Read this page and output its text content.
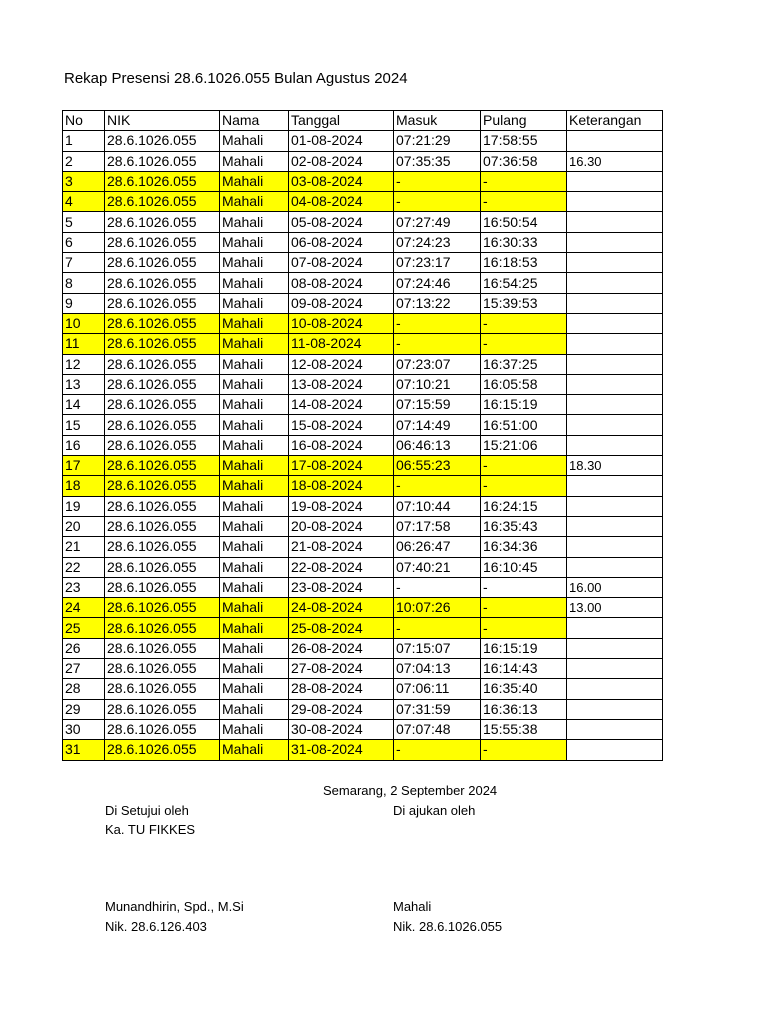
Rekap Presensi 28.6.1026.055 Bulan Agustus 2024
No	NIK	Nama	Tanggal	Masuk	Pulang	Keterangan
1	28.6.1026.055	Mahali	01-08-2024	07:21:29	17:58:55	
2	28.6.1026.055	Mahali	02-08-2024	07:35:35	07:36:58	16.30
3	28.6.1026.055	Mahali	03-08-2024	-	-	
4	28.6.1026.055	Mahali	04-08-2024	-	-	
5	28.6.1026.055	Mahali	05-08-2024	07:27:49	16:50:54	
6	28.6.1026.055	Mahali	06-08-2024	07:24:23	16:30:33	
7	28.6.1026.055	Mahali	07-08-2024	07:23:17	16:18:53	
8	28.6.1026.055	Mahali	08-08-2024	07:24:46	16:54:25	
9	28.6.1026.055	Mahali	09-08-2024	07:13:22	15:39:53	
10	28.6.1026.055	Mahali	10-08-2024	-	-	
11	28.6.1026.055	Mahali	11-08-2024	-	-	
12	28.6.1026.055	Mahali	12-08-2024	07:23:07	16:37:25	
13	28.6.1026.055	Mahali	13-08-2024	07:10:21	16:05:58	
14	28.6.1026.055	Mahali	14-08-2024	07:15:59	16:15:19	
15	28.6.1026.055	Mahali	15-08-2024	07:14:49	16:51:00	
16	28.6.1026.055	Mahali	16-08-2024	06:46:13	15:21:06	
17	28.6.1026.055	Mahali	17-08-2024	06:55:23	-	18.30
18	28.6.1026.055	Mahali	18-08-2024	-	-	
19	28.6.1026.055	Mahali	19-08-2024	07:10:44	16:24:15	
20	28.6.1026.055	Mahali	20-08-2024	07:17:58	16:35:43	
21	28.6.1026.055	Mahali	21-08-2024	06:26:47	16:34:36	
22	28.6.1026.055	Mahali	22-08-2024	07:40:21	16:10:45	
23	28.6.1026.055	Mahali	23-08-2024	-	-	16.00
24	28.6.1026.055	Mahali	24-08-2024	10:07:26	-	13.00
25	28.6.1026.055	Mahali	25-08-2024	-	-	
26	28.6.1026.055	Mahali	26-08-2024	07:15:07	16:15:19	
27	28.6.1026.055	Mahali	27-08-2024	07:04:13	16:14:43	
28	28.6.1026.055	Mahali	28-08-2024	07:06:11	16:35:40	
29	28.6.1026.055	Mahali	29-08-2024	07:31:59	16:36:13	
30	28.6.1026.055	Mahali	30-08-2024	07:07:48	15:55:38	
31	28.6.1026.055	Mahali	31-08-2024	-	-	
Semarang, 2 September 2024
Di Setujui oleh	Di ajukan oleh
Ka. TU FIKKES
Munandhirin, Spd., M.Si	Mahali
Nik. 28.6.126.403	Nik. 28.6.1026.055
